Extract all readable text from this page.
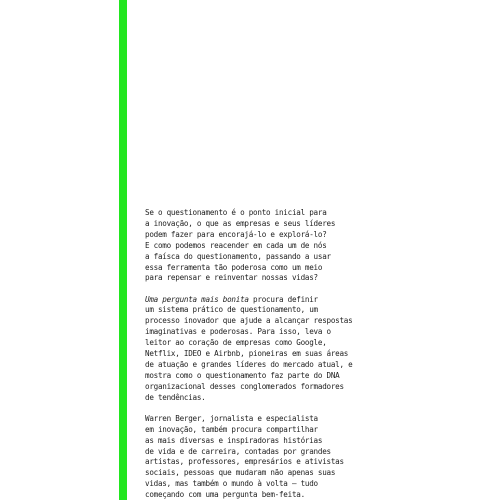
Se o questionamento é o ponto inicial para
a inovação, o que as empresas e seus líderes
podem fazer para encorajá-lo e explorá-lo?
E como podemos reacender em cada um de nós
a faísca do questionamento, passando a usar
essa ferramenta tão poderosa como um meio
para repensar e reinventar nossas vidas?

Uma pergunta mais bonita procura definir
um sistema prático de questionamento, um
processo inovador que ajude a alcançar respostas
imaginativas e poderosas. Para isso, leva o
leitor ao coração de empresas como Google,
Netflix, IDEO e Airbnb, pioneiras em suas áreas
de atuação e grandes líderes do mercado atual, e
mostra como o questionamento faz parte do DNA
organizacional desses conglomerados formadores
de tendências.

Warren Berger, jornalista e especialista
em inovação, também procura compartilhar
as mais diversas e inspiradoras histórias
de vida e de carreira, contadas por grandes
artistas, professores, empresários e ativistas
sociais, pessoas que mudaram não apenas suas
vidas, mas também o mundo à volta – tudo
começando com uma pergunta bem-feita.
